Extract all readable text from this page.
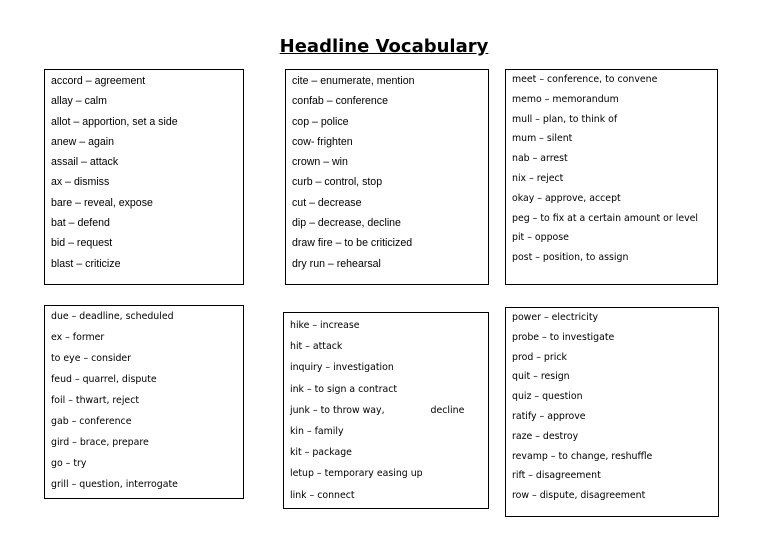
Headline Vocabulary
accord – agreement
allay – calm
allot – apportion, set a side
anew – again
assail – attack
ax – dismiss
bare – reveal, expose
bat – defend
bid – request
blast – criticize
cite – enumerate, mention
confab – conference
cop – police
cow- frighten
crown – win
curb – control, stop
cut – decrease
dip – decrease, decline
draw fire – to be criticized
dry run – rehearsal
meet – conference, to convene
memo – memorandum
mull – plan, to think of
mum – silent
nab – arrest
nix – reject
okay – approve, accept
peg – to fix at a certain amount or level
pit – oppose
post – position, to assign
due – deadline, scheduled
ex – former
to eye – consider
feud – quarrel, dispute
foil – thwart, reject
gab – conference
gird – brace, prepare
go – try
grill – question, interrogate
hike – increase
hit – attack
inquiry – investigation
ink – to sign a contract
junk – to throw way,	decline
kin – family
kit – package
letup – temporary easing up
link – connect
power – electricity
probe – to investigate
prod – prick
quit – resign
quiz – question
ratify – approve
raze – destroy
revamp – to change, reshuffle
rift – disagreement
row – dispute, disagreement
